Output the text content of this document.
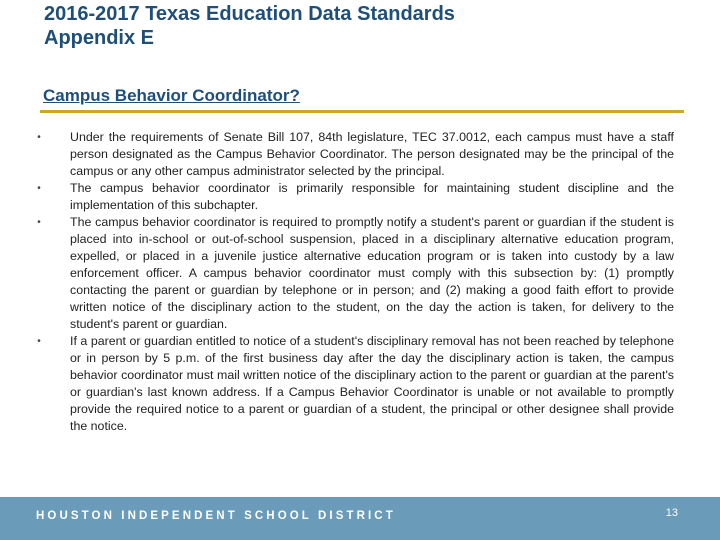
2016-2017 Texas Education Data Standards
Appendix E
Campus Behavior Coordinator?
• Under the requirements of Senate Bill 107, 84th legislature, TEC 37.0012, each campus must have a staff person designated as the Campus Behavior Coordinator. The person designated may be the principal of the campus or any other campus administrator selected by the principal.
• The campus behavior coordinator is primarily responsible for maintaining student discipline and the implementation of this subchapter.
• The campus behavior coordinator is required to promptly notify a student's parent or guardian if the student is placed into in-school or out-of-school suspension, placed in a disciplinary alternative education program, expelled, or placed in a juvenile justice alternative education program or is taken into custody by a law enforcement officer. A campus behavior coordinator must comply with this subsection by: (1) promptly contacting the parent or guardian by telephone or in person; and (2) making a good faith effort to provide written notice of the disciplinary action to the student, on the day the action is taken, for delivery to the student's parent or guardian.
• If a parent or guardian entitled to notice of a student's disciplinary removal has not been reached by telephone or in person by 5 p.m. of the first business day after the day the disciplinary action is taken, the campus behavior coordinator must mail written notice of the disciplinary action to the parent or guardian at the parent's or guardian's last known address. If a Campus Behavior Coordinator is unable or not available to promptly provide the required notice to a parent or guardian of a student, the principal or other designee shall provide the notice.
HOUSTON INDEPENDENT SCHOOL DISTRICT	13
